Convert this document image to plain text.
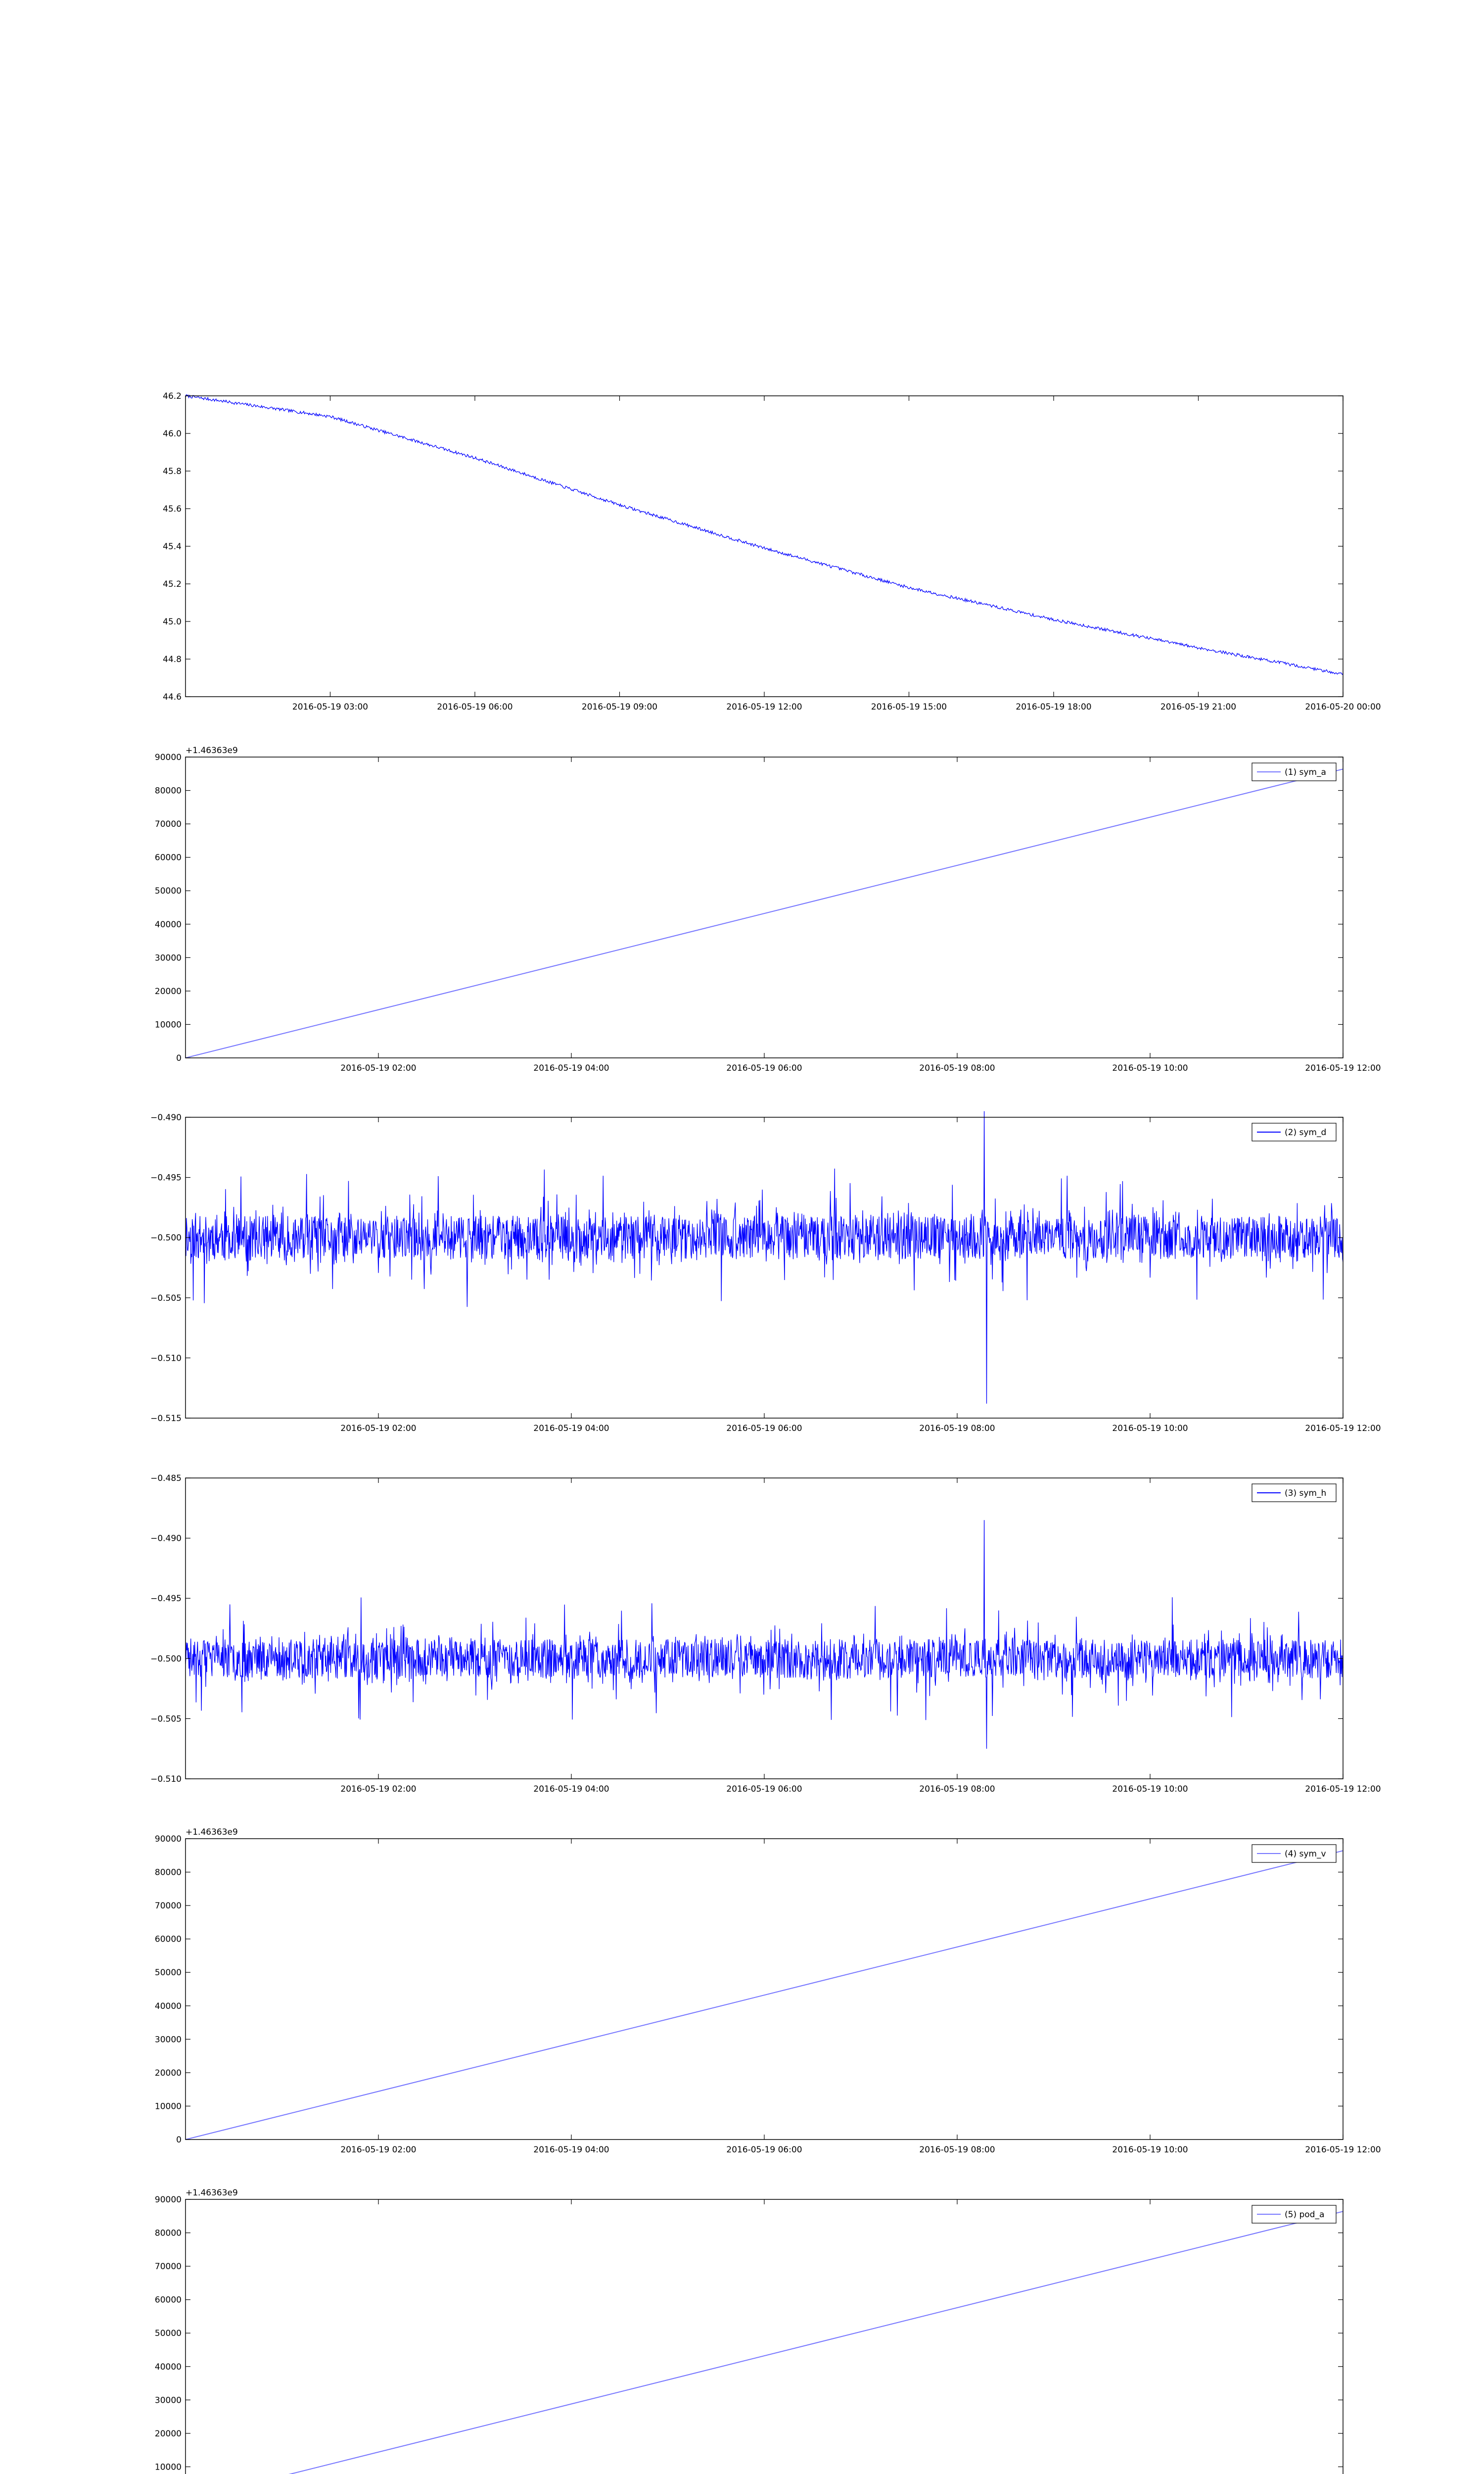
44.6
44.8
45.0
45.2
45.4
45.6
45.8
46.0
46.2
2016-05-19 03:00	2016-05-19 06:00	2016-05-19 09:00	2016-05-19 12:00	2016-05-19 15:00	2016-05-19 18:00	2016-05-19 21:00	2016-05-20 00:00
0
10000
20000
30000
40000
50000
60000
70000
80000
90000
2016-05-19 02:00	2016-05-19 04:00	2016-05-19 06:00	2016-05-19 08:00	2016-05-19 10:00	2016-05-19 12:00
+1.46363e9
(1) sym_a
−0.515
−0.510
−0.505
−0.500
−0.495
−0.490
2016-05-19 02:00	2016-05-19 04:00	2016-05-19 06:00	2016-05-19 08:00	2016-05-19 10:00	2016-05-19 12:00
(2) sym_d
−0.510
−0.505
−0.500
−0.495
−0.490
−0.485
2016-05-19 02:00	2016-05-19 04:00	2016-05-19 06:00	2016-05-19 08:00	2016-05-19 10:00	2016-05-19 12:00
(3) sym_h
0
10000
20000
30000
40000
50000
60000
70000
80000
90000
2016-05-19 02:00	2016-05-19 04:00	2016-05-19 06:00	2016-05-19 08:00	2016-05-19 10:00	2016-05-19 12:00
+1.46363e9
(4) sym_v
10000
20000
30000
40000
50000
60000
70000
80000
90000
+1.46363e9
(5) pod_a
